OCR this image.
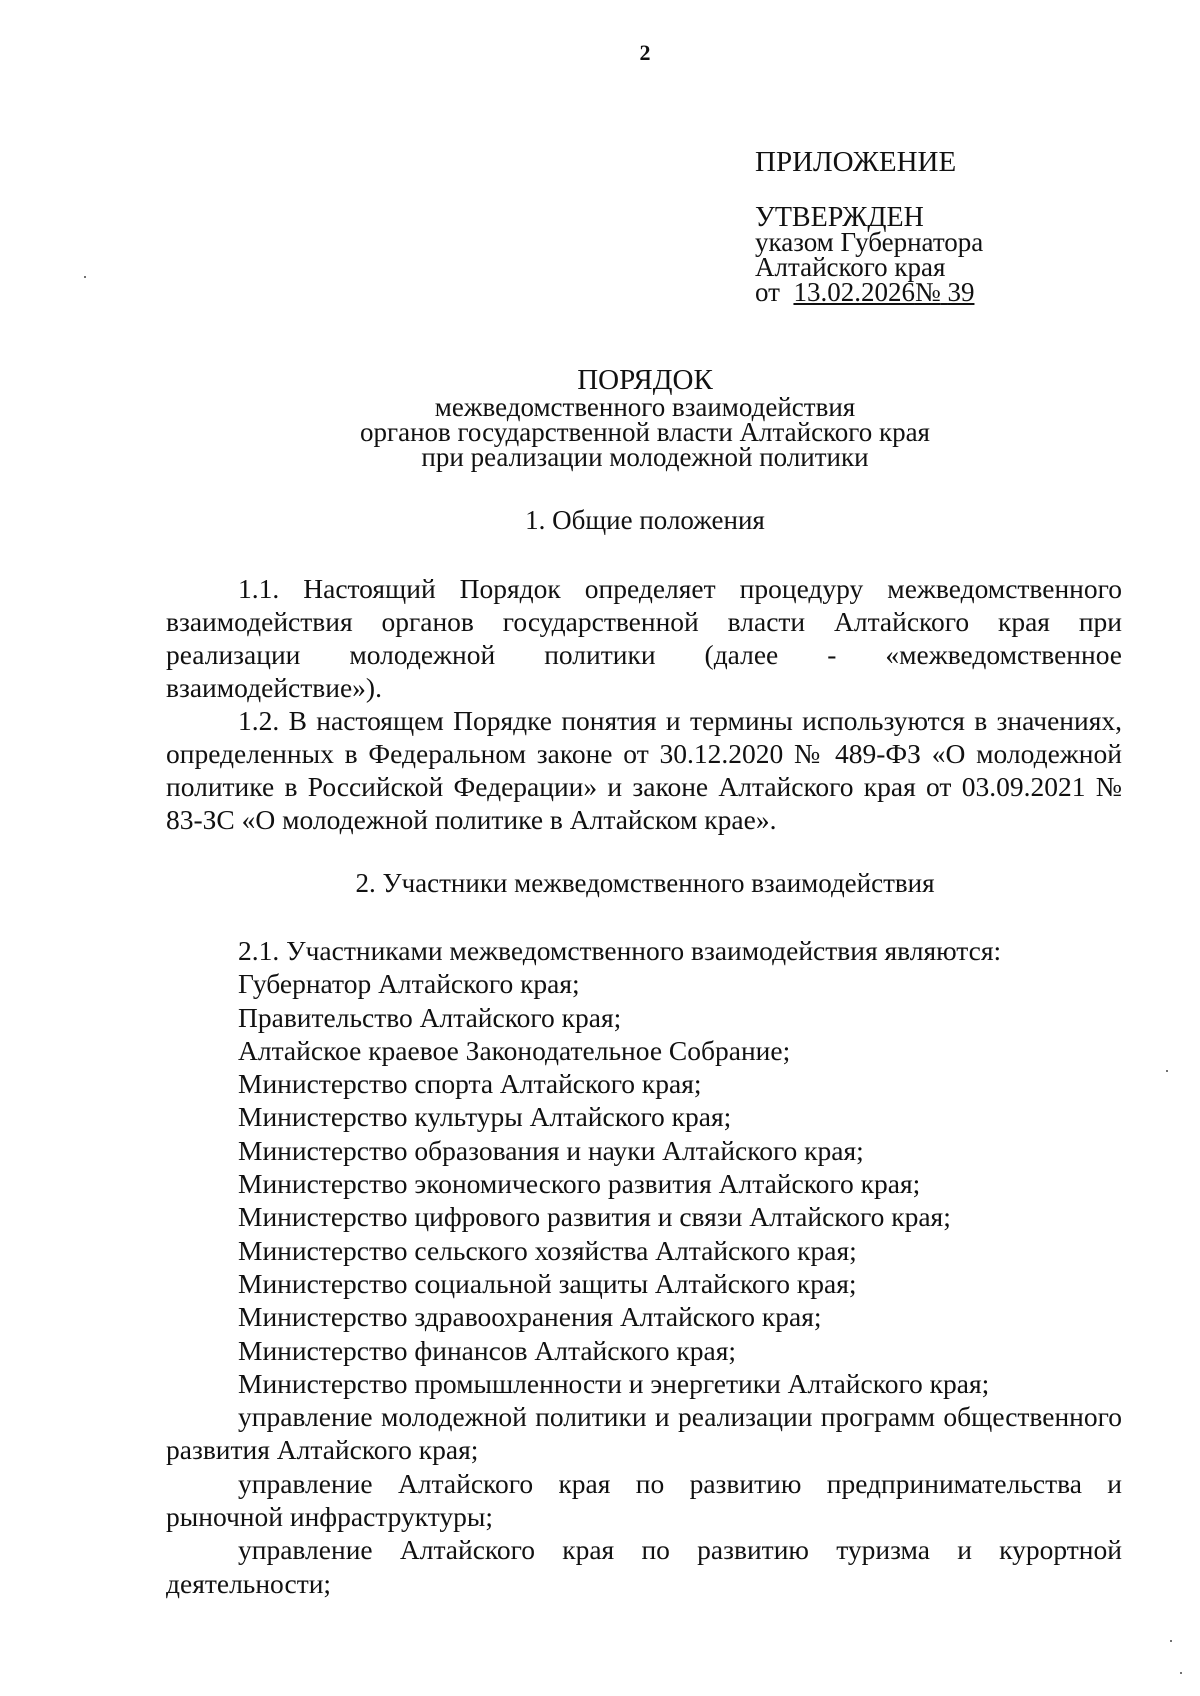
2
ПРИЛОЖЕНИЕ
УТВЕРЖДЕН
указом Губернатора
Алтайского края
от 13.02.2026№ 39
ПОРЯДОК
межведомственного взаимодействия
органов государственной власти Алтайского края
при реализации молодежной политики
1. Общие положения

1.1. Настоящий Порядок определяет процедуру межведомственного взаимодействия органов государственной власти Алтайского края при реализации молодежной политики (далее - «межведомственное взаимодействие»).

1.2. В настоящем Порядке понятия и термины используются в значениях, определенных в Федеральном законе от 30.12.2020 № 489-ФЗ «О молодежной политике в Российской Федерации» и законе Алтайского края от 03.09.2021 № 83-ЗС «О молодежной политике в Алтайском крае».

2. Участники межведомственного взаимодействия

2.1. Участниками межведомственного взаимодействия являются:

Губернатор Алтайского края;

Правительство Алтайского края;

Алтайское краевое Законодательное Собрание;

Министерство спорта Алтайского края;

Министерство культуры Алтайского края;

Министерство образования и науки Алтайского края;

Министерство экономического развития Алтайского края;

Министерство цифрового развития и связи Алтайского края;

Министерство сельского хозяйства Алтайского края;

Министерство социальной защиты Алтайского края;

Министерство здравоохранения Алтайского края;

Министерство финансов Алтайского края;

Министерство промышленности и энергетики Алтайского края;

управление молодежной политики и реализации программ общественного развития Алтайского края;

управление Алтайского края по развитию предпринимательства и рыночной инфраструктуры;

управление Алтайского края по развитию туризма и курортной деятельности;
